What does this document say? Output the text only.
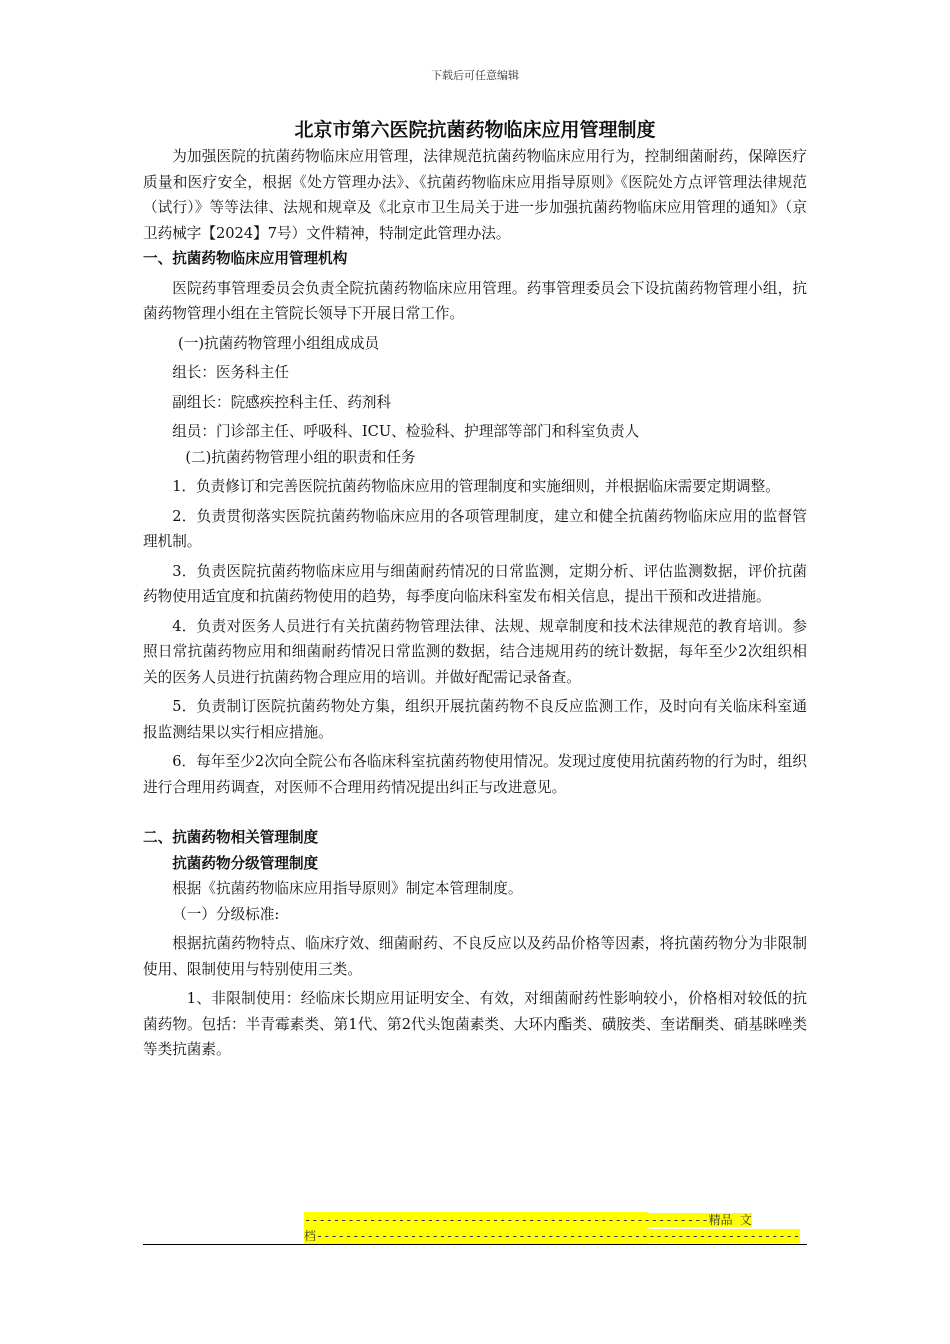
下载后可任意编辑
北京市第六医院抗菌药物临床应用管理制度

为加强医院的抗菌药物临床应用管理，法律规范抗菌药物临床应用行为，控制细菌耐药，保障医疗质量和医疗安全，根据《处方管理办法》、《抗菌药物临床应用指导原则》《医院处方点评管理法律规范（试行）》等等法律、法规和规章及《北京市卫生局关于进一步加强抗菌药物临床应用管理的通知》（京卫药械字【2024】7号）文件精神，特制定此管理办法。

一、抗菌药物临床应用管理机构

医院药事管理委员会负责全院抗菌药物临床应用管理。药事管理委员会下设抗菌药物管理小组，抗菌药物管理小组在主管院长领导下开展日常工作。

(一)抗菌药物管理小组组成成员

组长：医务科主任

副组长：院感疾控科主任、药剂科

组员：门诊部主任、呼吸科、ICU、检验科、护理部等部门和科室负责人

(二)抗菌药物管理小组的职责和任务

1．负责修订和完善医院抗菌药物临床应用的管理制度和实施细则，并根据临床需要定期调整。

2．负责贯彻落实医院抗菌药物临床应用的各项管理制度，建立和健全抗菌药物临床应用的监督管理机制。

3．负责医院抗菌药物临床应用与细菌耐药情况的日常监测，定期分析、评估监测数据，评价抗菌药物使用适宜度和抗菌药物使用的趋势，每季度向临床科室发布相关信息，提出干预和改进措施。

4．负责对医务人员进行有关抗菌药物管理法律、法规、规章制度和技术法律规范的教育培训。参照日常抗菌药物应用和细菌耐药情况日常监测的数据，结合违规用药的统计数据，每年至少2次组织相关的医务人员进行抗菌药物合理应用的培训。并做好配需记录备查。

5．负责制订医院抗菌药物处方集，组织开展抗菌药物不良反应监测工作，及时向有关临床科室通报监测结果以实行相应措施。

6．每年至少2次向全院公布各临床科室抗菌药物使用情况。发现过度使用抗菌药物的行为时，组织进行合理用药调查，对医师不合理用药情况提出纠正与改进意见。

二、抗菌药物相关管理制度

抗菌药物分级管理制度

根据《抗菌药物临床应用指导原则》制定本管理制度。

（一）分级标准:

根据抗菌药物特点、临床疗效、细菌耐药、不良反应以及药品价格等因素，将抗菌药物分为非限制使用、限制使用与特别使用三类。

1、非限制使用：经临床长期应用证明安全、有效，对细菌耐药性影响较小，价格相对较低的抗菌药物。包括：半青霉素类、第1代、第2代头饱菌素类、大环内酯类、磺胺类、奎诺酮类、硝基眯唑类等类抗菌素。

--------------------------------------------------------精品 文
档-------------------------------------------------------------------
